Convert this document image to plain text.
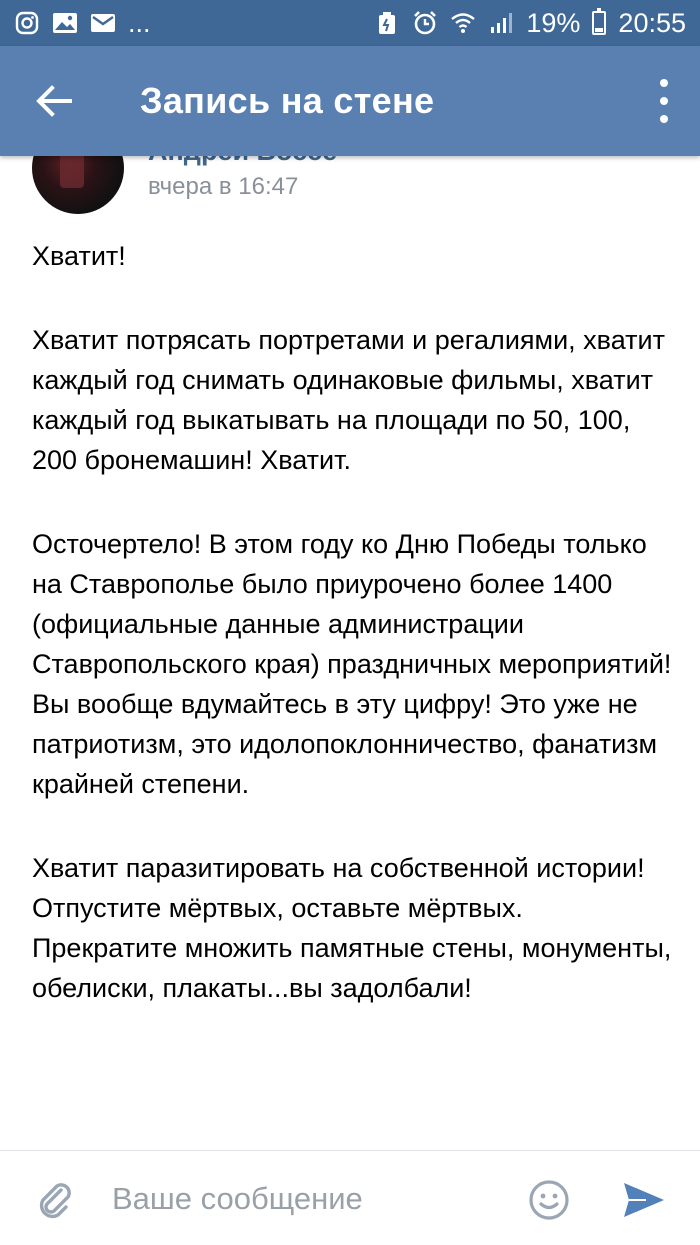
...	19% 20:55
Запись на стене
вчера в 16:47

Хватит!

Хватит потрясать портретами и регалиями, хватит каждый год снимать одинаковые фильмы, хватит каждый год выкатывать на площади по 50, 100, 200 бронемашин! Хватит.

Осточертело! В этом году ко Дню Победы только на Ставрополье было приурочено более 1400 (официальные данные администрации Ставропольского края) праздничных мероприятий! Вы вообще вдумайтесь в эту цифру! Это уже не патриотизм, это идолопоклонничество, фанатизм крайней степени.

Хватит паразитировать на собственной истории! Отпустите мёртвых, оставьте мёртвых. Прекратите множить памятные стены, монументы, обелиски, плакаты...вы задолбали!

Ваше сообщение
